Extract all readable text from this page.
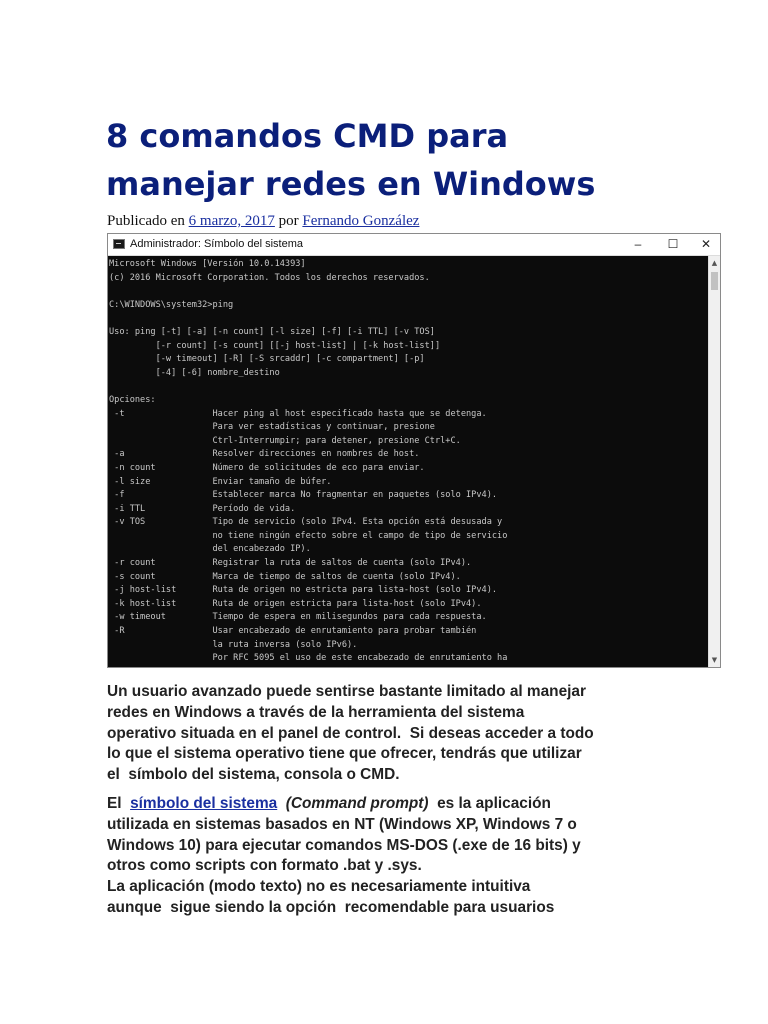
8 comandos CMD para
manejar redes en Windows
Publicado en 6 marzo, 2017 por Fernando González
Administrador: Símbolo del sistema	–	☐	✕
Microsoft Windows [Versión 10.0.14393]
(c) 2016 Microsoft Corporation. Todos los derechos reservados.

C:\WINDOWS\system32>ping

Uso: ping [-t] [-a] [-n count] [-l size] [-f] [-i TTL] [-v TOS]
[-r count] [-s count] [[-j host-list] | [-k host-list]]
[-w timeout] [-R] [-S srcaddr] [-c compartment] [-p]
[-4] [-6] nombre_destino

Opciones:
-t                 Hacer ping al host especificado hasta que se detenga.
Para ver estadísticas y continuar, presione
Ctrl-Interrumpir; para detener, presione Ctrl+C.
-a                 Resolver direcciones en nombres de host.
-n count           Número de solicitudes de eco para enviar.
-l size            Enviar tamaño de búfer.
-f                 Establecer marca No fragmentar en paquetes (solo IPv4).
-i TTL             Período de vida.
-v TOS             Tipo de servicio (solo IPv4. Esta opción está desusada y
no tiene ningún efecto sobre el campo de tipo de servicio
del encabezado IP).
-r count           Registrar la ruta de saltos de cuenta (solo IPv4).
-s count           Marca de tiempo de saltos de cuenta (solo IPv4).
-j host-list       Ruta de origen no estricta para lista-host (solo IPv4).
-k host-list       Ruta de origen estricta para lista-host (solo IPv4).
-w timeout         Tiempo de espera en milisegundos para cada respuesta.
-R                 Usar encabezado de enrutamiento para probar también
la ruta inversa (solo IPv6).
Por RFC 5095 el uso de este encabezado de enrutamiento ha
▲
▼

Un usuario avanzado puede sentirse bastante limitado al manejar
redes en Windows a través de la herramienta del sistema
operativo situada en el panel de control.  Si deseas acceder a todo
lo que el sistema operativo tiene que ofrecer, tendrás que utilizar
el  símbolo del sistema, consola o CMD.

El  símbolo del sistema (Command prompt)  es la aplicación
utilizada en sistemas basados en NT (Windows XP, Windows 7 o
Windows 10) para ejecutar comandos MS-DOS (.exe de 16 bits) y
otros como scripts con formato .bat y .sys.
La aplicación (modo texto) no es necesariamente intuitiva
aunque  sigue siendo la opción  recomendable para usuarios
